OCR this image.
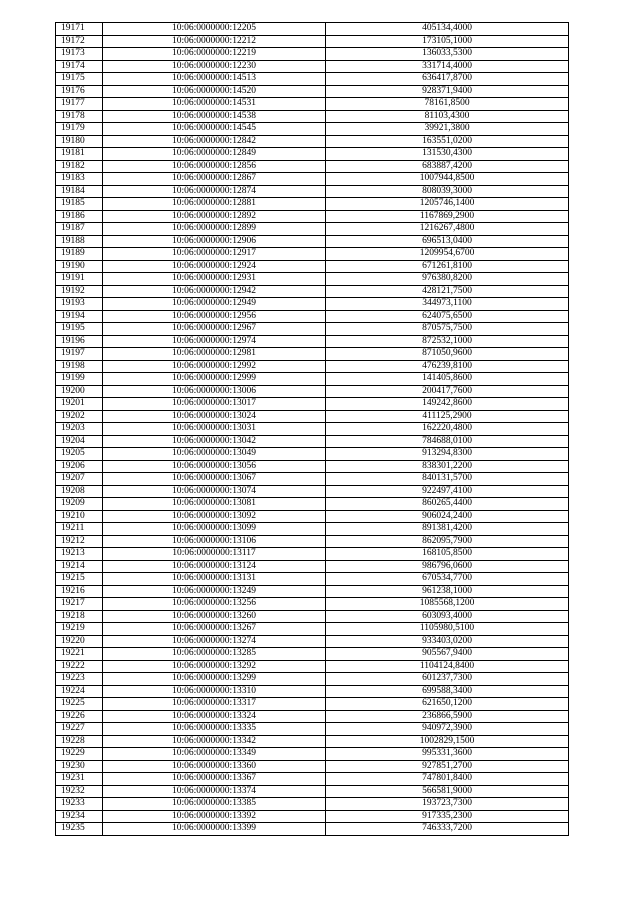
19171	10:06:0000000:12205	405134,4000
19172	10:06:0000000:12212	173105,1000
19173	10:06:0000000:12219	136033,5300
19174	10:06:0000000:12230	331714,4000
19175	10:06:0000000:14513	636417,8700
19176	10:06:0000000:14520	928371,9400
19177	10:06:0000000:14531	78161,8500
19178	10:06:0000000:14538	81103,4300
19179	10:06:0000000:14545	39921,3800
19180	10:06:0000000:12842	163551,0200
19181	10:06:0000000:12849	131530,4300
19182	10:06:0000000:12856	683887,4200
19183	10:06:0000000:12867	1007944,8500
19184	10:06:0000000:12874	808039,3000
19185	10:06:0000000:12881	1205746,1400
19186	10:06:0000000:12892	1167869,2900
19187	10:06:0000000:12899	1216267,4800
19188	10:06:0000000:12906	696513,0400
19189	10:06:0000000:12917	1209954,6700
19190	10:06:0000000:12924	671261,8100
19191	10:06:0000000:12931	976380,8200
19192	10:06:0000000:12942	428121,7500
19193	10:06:0000000:12949	344973,1100
19194	10:06:0000000:12956	624075,6500
19195	10:06:0000000:12967	870575,7500
19196	10:06:0000000:12974	872532,1000
19197	10:06:0000000:12981	871050,9600
19198	10:06:0000000:12992	476239,8100
19199	10:06:0000000:12999	141405,8600
19200	10:06:0000000:13006	200417,7600
19201	10:06:0000000:13017	149242,8600
19202	10:06:0000000:13024	411125,2900
19203	10:06:0000000:13031	162220,4800
19204	10:06:0000000:13042	784688,0100
19205	10:06:0000000:13049	913294,8300
19206	10:06:0000000:13056	838301,2200
19207	10:06:0000000:13067	840131,5700
19208	10:06:0000000:13074	922497,4100
19209	10:06:0000000:13081	860265,4400
19210	10:06:0000000:13092	906024,2400
19211	10:06:0000000:13099	891381,4200
19212	10:06:0000000:13106	862095,7900
19213	10:06:0000000:13117	168105,8500
19214	10:06:0000000:13124	986796,0600
19215	10:06:0000000:13131	670534,7700
19216	10:06:0000000:13249	961238,1000
19217	10:06:0000000:13256	1085568,1200
19218	10:06:0000000:13260	603093,4000
19219	10:06:0000000:13267	1105980,5100
19220	10:06:0000000:13274	933403,0200
19221	10:06:0000000:13285	905567,9400
19222	10:06:0000000:13292	1104124,8400
19223	10:06:0000000:13299	601237,7300
19224	10:06:0000000:13310	699588,3400
19225	10:06:0000000:13317	621650,1200
19226	10:06:0000000:13324	236866,5900
19227	10:06:0000000:13335	940972,3900
19228	10:06:0000000:13342	1002829,1500
19229	10:06:0000000:13349	995331,3600
19230	10:06:0000000:13360	927851,2700
19231	10:06:0000000:13367	747801,8400
19232	10:06:0000000:13374	566581,9000
19233	10:06:0000000:13385	193723,7300
19234	10:06:0000000:13392	917335,2300
19235	10:06:0000000:13399	746333,7200
